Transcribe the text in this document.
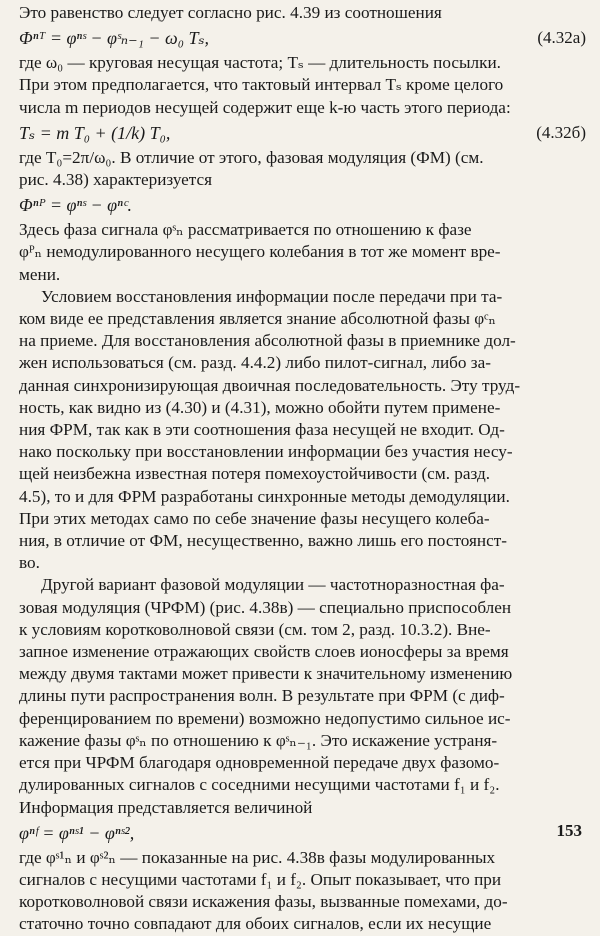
Это равенство следует согласно рис. 4.39 из соотношения
Φⁿᵀ = φⁿˢ − φˢₙ₋₁ − ω₀ Tₛ,	(4.32а)
где ω₀ — круговая несущая частота; Tₛ — длительность посылки.
При этом предполагается, что тактовый интервал Tₛ кроме целого
числа m периодов несущей содержит еще k-ю часть этого периода:
Tₛ = m T₀ + (1/k) T₀,	(4.32б)
где T₀=2π/ω₀. В отличие от этого, фазовая модуляция (ФМ) (см.
рис. 4.38) характеризуется
Φⁿᴾ = φⁿˢ − φⁿᶜ.
Здесь фаза сигнала φˢₙ рассматривается по отношению к фазе
φᴾₙ немодулированного несущего колебания в тот же момент вре-
мени.
Условием восстановления информации после передачи при та-
ком виде ее представления является знание абсолютной фазы φᶜₙ
на приеме. Для восстановления абсолютной фазы в приемнике дол-
жен использоваться (см. разд. 4.4.2) либо пилот-сигнал, либо за-
данная синхронизирующая двоичная последовательность. Эту труд-
ность, как видно из (4.30) и (4.31), можно обойти путем примене-
ния ФРМ, так как в эти соотношения фаза несущей не входит. Од-
нако поскольку при восстановлении информации без участия несу-
щей неизбежна известная потеря помехоустойчивости (см. разд.
4.5), то и для ФРМ разработаны синхронные методы демодуляции.
При этих методах само по себе значение фазы несущего колеба-
ния, в отличие от ФМ, несущественно, важно лишь его постоянст-
во.
Другой вариант фазовой модуляции — частотноразностная фа-
зовая модуляция (ЧРФМ) (рис. 4.38в) — специально приспособлен
к условиям коротковолновой связи (см. том 2, разд. 10.3.2). Вне-
запное изменение отражающих свойств слоев ионосферы за время
между двумя тактами может привести к значительному изменению
длины пути распространения волн. В результате при ФРМ (с диф-
ференцированием по времени) возможно недопустимо сильное ис-
кажение фазы φˢₙ по отношению к φˢₙ₋₁. Это искажение устраня-
ется при ЧРФМ благодаря одновременной передаче двух фазомо-
дулированных сигналов с соседними несущими частотами f₁ и f₂.
Информация представляется величиной
φⁿᶠ = φⁿˢ¹ − φⁿˢ²,
где φˢ¹ₙ и φˢ²ₙ — показанные на рис. 4.38в фазы модулированных
сигналов с несущими частотами f₁ и f₂. Опыт показывает, что при
коротковолновой связи искажения фазы, вызванные помехами, до-
статочно точно совпадают для обоих сигналов, если их несущие
153
